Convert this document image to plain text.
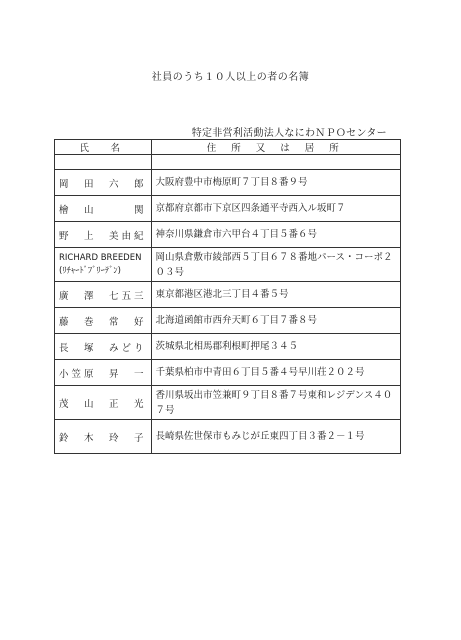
社員のうち１０人以上の者の名簿
特定非営利活動法人なにわＮＰＯセンター
氏　名	住 所 又 は 居 所

岡　田　六　郎	大阪府豊中市梅原町７丁目８番９号
檜　山　　　関	京都府京都市下京区四条通平寺西入ル坂町７
野　上　美由紀	神奈川県鎌倉市六甲台４丁目５番６号

RICHARD BREEDEN
(ﾘﾁｬｰﾄﾞﾌﾞﾘｰﾃﾞﾝ)	岡山県倉敷市綾部西５丁目６７８番地パース・コーポ２０３号
廣　澤　七五三	東京都港区港北三丁目４番５号
藤　巻　常　好	北海道函館市西弁天町６丁目７番８号
長　塚　みどり	茨城県北相馬郡利根町押尾３４５
小笠原　昇　一	千葉県柏市中青田６丁目５番４号早川荘２０２号
茂　山　正　光	香川県坂出市笠兼町９丁目８番７号東和レジデンス４０７号
鈴　木　玲　子	長崎県佐世保市もみじが丘東四丁目３番２－１号
